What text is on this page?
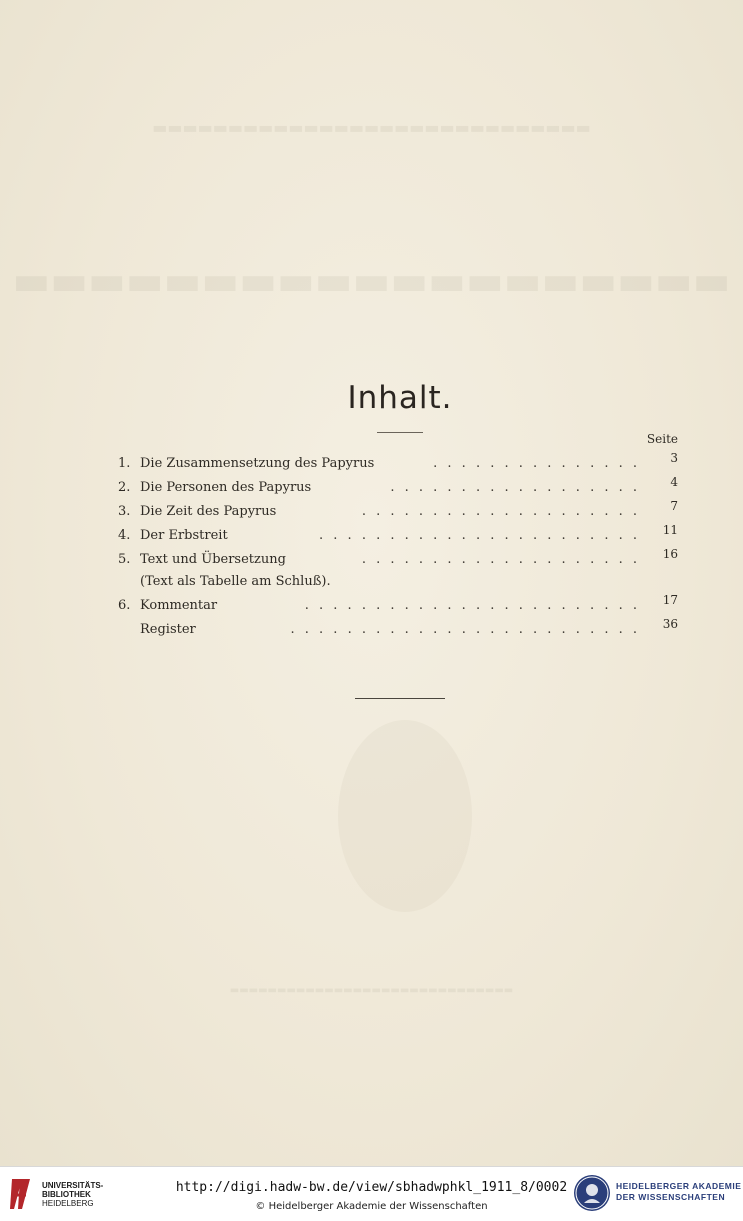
▬▬▬▬▬▬▬▬▬▬▬▬▬▬▬▬▬▬▬▬▬▬▬▬▬▬▬▬▬
▬▬▬▬▬▬▬▬▬▬▬▬▬▬▬▬▬▬▬
▬▬▬▬▬▬▬▬▬▬▬▬▬▬▬▬▬▬▬▬▬▬▬▬▬▬▬▬▬▬
Inhalt.
Seite
1. Die Zusammensetzung des Papyrus	. . . . . . . . . . . . . . .	3
2. Die Personen des Papyrus	. . . . . . . . . . . . . . . . . .	4
3. Die Zeit des Papyrus	. . . . . . . . . . . . . . . . . . . .	7
4. Der Erbstreit	. . . . . . . . . . . . . . . . . . . . . . . 11
5. Text und Übersetzung	. . . . . . . . . . . . . . . . . . . . 16
(Text als Tabelle am Schluß).
6. Kommentar	. . . . . . . . . . . . . . . . . . . . . . . . 17
Register	. . . . . . . . . . . . . . . . . . . . . . . . . 36
UNIVERSITÄTS-
BIBLIOTHEK
HEIDELBERG
http://digi.hadw-bw.de/view/sbhadwphkl_1911_8/0002
© Heidelberger Akademie der Wissenschaften
HEIDELBERGER AKADEMIE
DER WISSENSCHAFTEN
